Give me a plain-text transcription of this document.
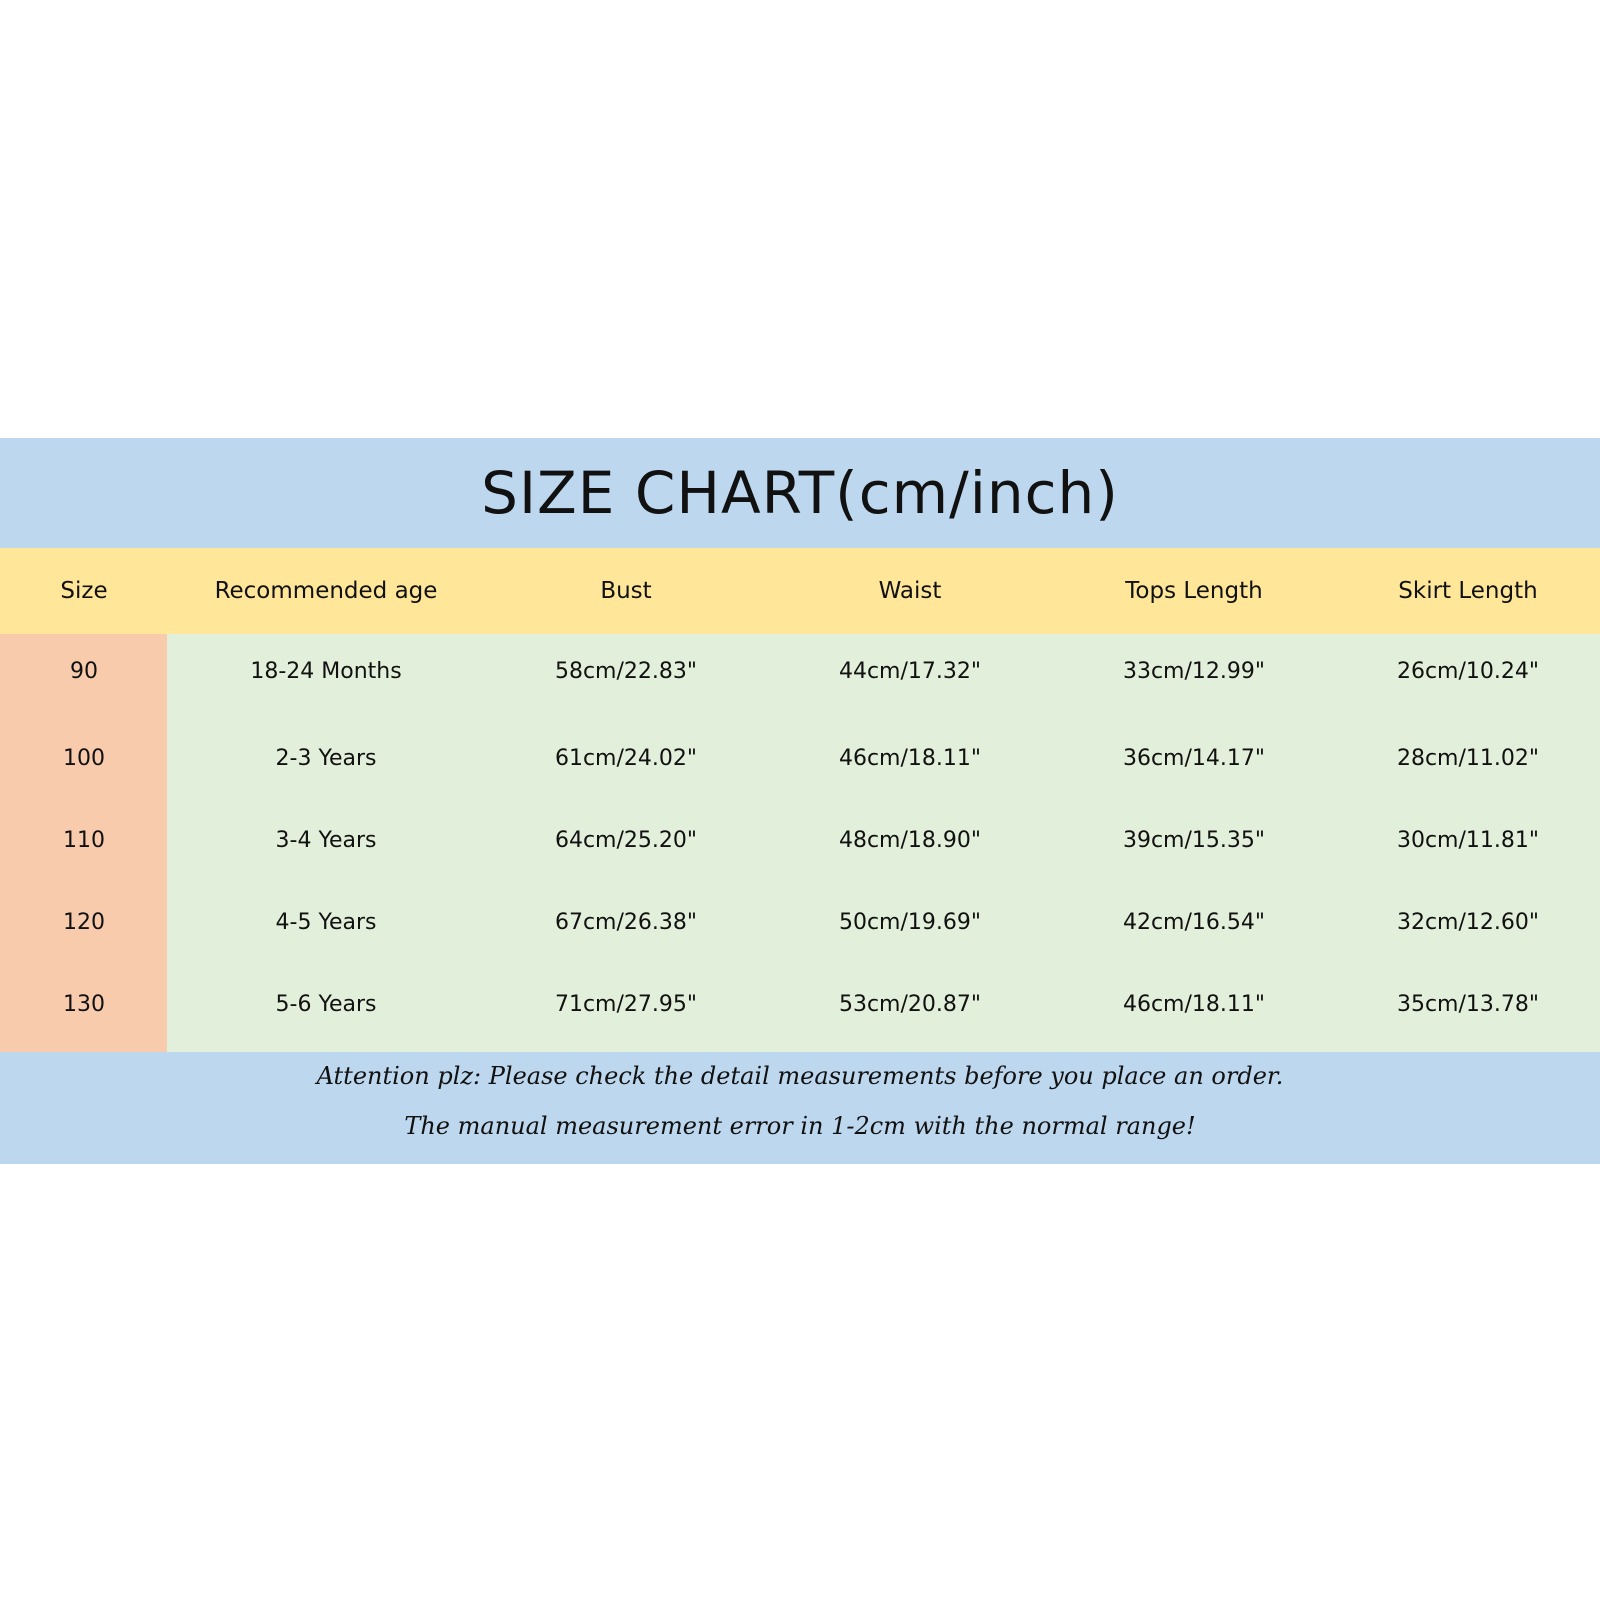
SIZE CHART(cm/inch)
Size	Recommended age	Bust	Waist	Tops Length	Skirt Length
90	18-24 Months	58cm/22.83"	44cm/17.32"	33cm/12.99"	26cm/10.24"
100	2-3 Years	61cm/24.02"	46cm/18.11"	36cm/14.17"	28cm/11.02"
110	3-4 Years	64cm/25.20"	48cm/18.90"	39cm/15.35"	30cm/11.81"
120	4-5 Years	67cm/26.38"	50cm/19.69"	42cm/16.54"	32cm/12.60"
130	5-6 Years	71cm/27.95"	53cm/20.87"	46cm/18.11"	35cm/13.78"
Attention plz: Please check the detail measurements before you place an order.
The manual measurement error in 1-2cm with the normal range!
